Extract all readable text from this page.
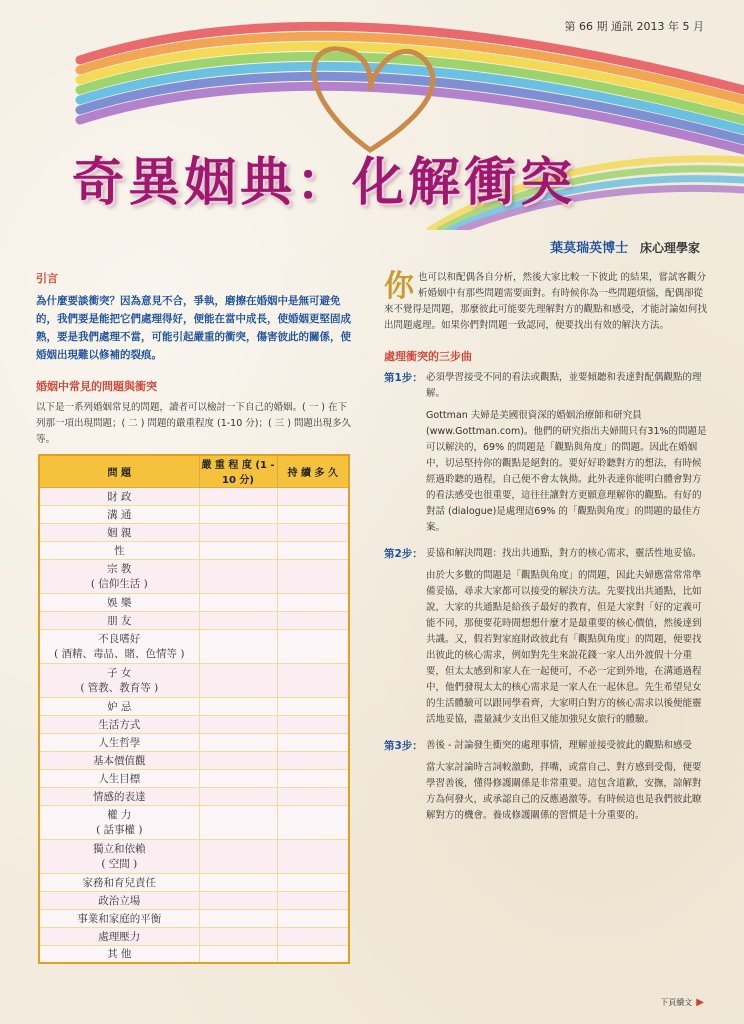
第 66 期 通訊 2013 年 5 月
奇異姻典：化解衝突
葉莫瑞英博士 床心理學家
引言

為什麼要談衝突？因為意見不合，爭執，磨擦在婚姻中是無可避免的，我們要是能把它們處理得好，便能在當中成長，使婚姻更堅固成熟，要是我們處理不當，可能引起嚴重的衝突，傷害彼此的關係，使婚姻出現難以修補的裂痕。

婚姻中常見的問題與衝突

以下是一系列婚姻常見的問題，讀者可以檢討一下自己的婚姻。( 一 ) 在下列那一項出現問題；( 二 ) 問題的嚴重程度 (1-10 分)；( 三 ) 問題出現多久等。

問 題	嚴 重 程 度 (1 - 10 分)	持 續 多 久

財 政		

溝 通		

姻 親		

性		

宗 教
( 信仰生活 )		

娛 樂		

朋 友		

不良嗜好
( 酒精、毒品、賭、色情等 )		

子 女
( 管教、教育等 )		

妒 忌		

生活方式		

人生哲學		

基本價值觀		

人生目標		

情感的表達		

權 力
( 話事權 )		

獨立和依賴
( 空間 )		

家務和育兒責任		

政治立場		

事業和家庭的平衡		

處理壓力		

其 他		

你 也可以和配偶各自分析，然後大家比較一下彼此 的結果，嘗試客觀分析婚姻中有那些問題需要面對。有時候你為一些問題煩惱，配偶卻從來不覺得是問題，那麼彼此可能要先理解對方的觀點和感受，才能討論如何找出問題處理。如果你們對問題一致認同，便要找出有效的解決方法。

處理衝突的三步曲
第1步： 必須學習接受不同的看法或觀點，並要傾聽和表達對配偶觀點的理解。

Gottman 夫婦是美國很資深的婚姻治療師和研究員 (www.Gottman.com)。他們的研究指出夫婦間只有31%的問題是可以解決的，69% 的問題是「觀點與角度」的問題。因此在婚姻中，切忌堅持你的觀點是絕對的。要好好聆聽對方的想法，有時候經過聆聽的過程，自己便不會太執拗。此外表達你能明白體會對方的看法感受也很重要，這往往讓對方更願意理解你的觀點。有好的對話 (dialogue)是處理這69% 的「觀點與角度」的問題的最佳方案。

第2步： 妥協和解決問題：找出共通點，對方的核心需求，靈活性地妥協。

由於大多數的問題是「觀點與角度」的問題，因此夫婦應當常常準備妥協，尋求大家都可以接受的解決方法。先要找出共通點，比如說，大家的共通點是給孩子最好的教育，但是大家對「好的定義可能不同，那便要花時間想想什麼才是最重要的核心價值，然後達到共識。又，假若對家庭財政彼此有「觀點與角度」的問題，便要找出彼此的核心需求，例如對先生來說花錢一家人出外渡假十分重要，但太太感到和家人在一起便可，不必一定到外地，在溝通過程中，他們發現太太的核心需求是一家人在一起休息。先生希望兒女的生活體驗可以跟同學看齊，大家明白對方的核心需求以後便能靈活地妥協，盡量減少支出但又能加強兒女旅行的體驗。

第3步： 善後 - 討論發生衝突的處理事情，理解並接受彼此的觀點和感受

當大家討論時言詞較激動，拌嘴，或當自己、對方感到受傷，便要學習善後，懂得修護關係是非常重要。這包含道歉，安撫，諒解對方為何發火，或承認自己的反應過激等。有時候這也是我們彼此瞭解對方的機會。養成修護關係的習慣是十分重要的。

下頁續文 ▶
